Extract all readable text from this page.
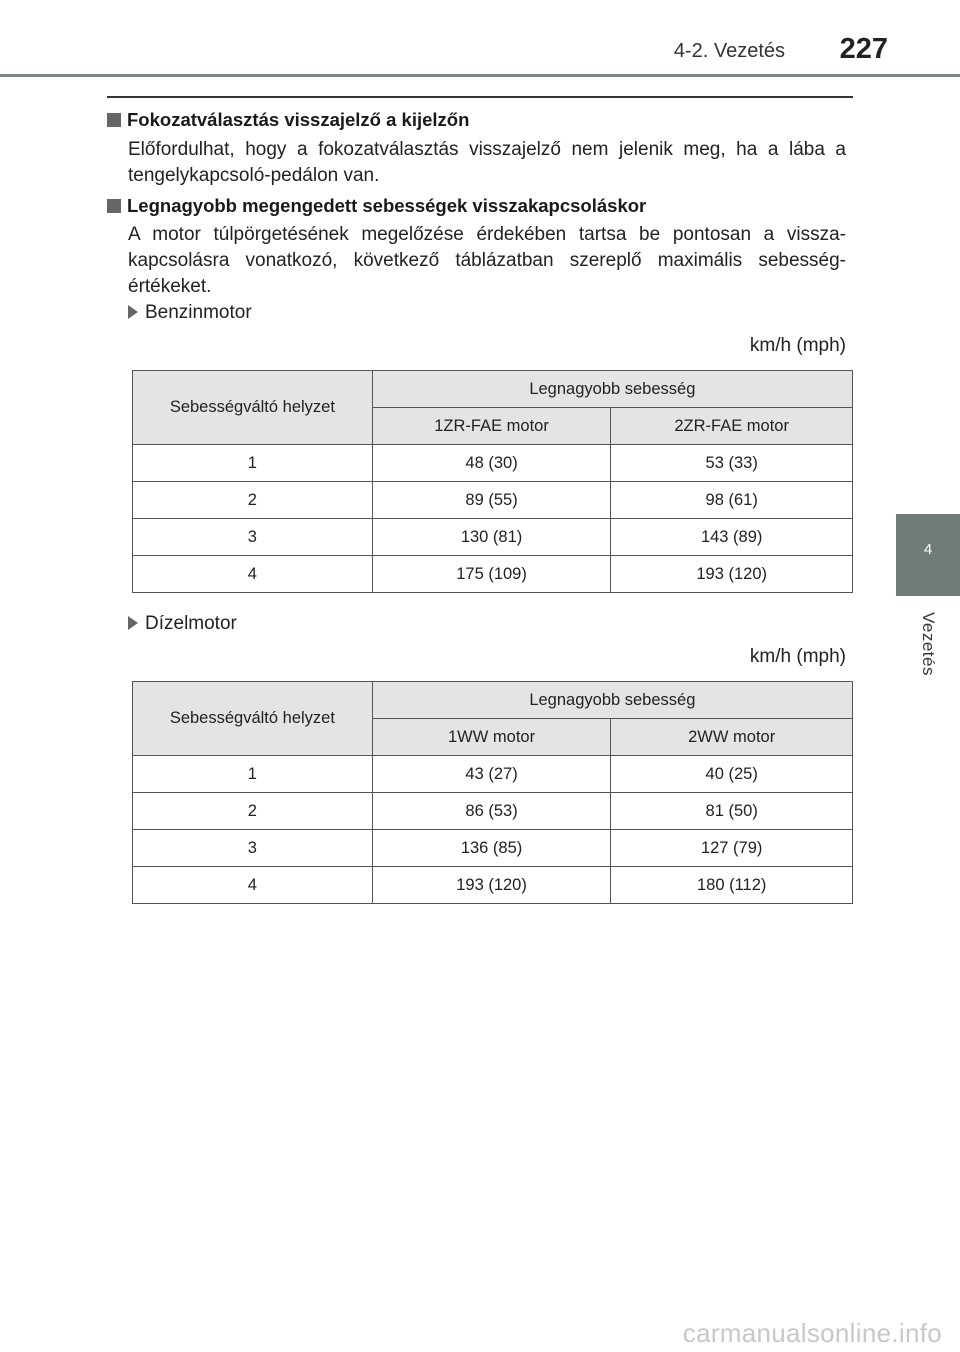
4-2. Vezetés	227
4
Vezetés
Fokozatválasztás visszajelző a kijelzőn
Előfordulhat, hogy a fokozatválasztás visszajelző nem jelenik meg, ha a lába a tengelykapcsoló-pedálon van.
Legnagyobb megengedett sebességek visszakapcsoláskor
A motor túlpörgetésének megelőzése érdekében tartsa be pontosan a vissza-kapcsolásra vonatkozó, következő táblázatban szereplő maximális sebesség-értékeket.
Benzinmotor
km/h (mph)
Sebességváltó helyzet	Legnagyobb sebesség	
	1ZR-FAE motor	2ZR-FAE motor
1	48 (30)	53 (33)
2	89 (55)	98 (61)
3	130 (81)	143 (89)
4	175 (109)	193 (120)
Dízelmotor
km/h (mph)
Sebességváltó helyzet	Legnagyobb sebesség	
	1WW motor	2WW motor
1	43 (27)	40 (25)
2	86 (53)	81 (50)
3	136 (85)	127 (79)
4	193 (120)	180 (112)
carmanualsonline.info
